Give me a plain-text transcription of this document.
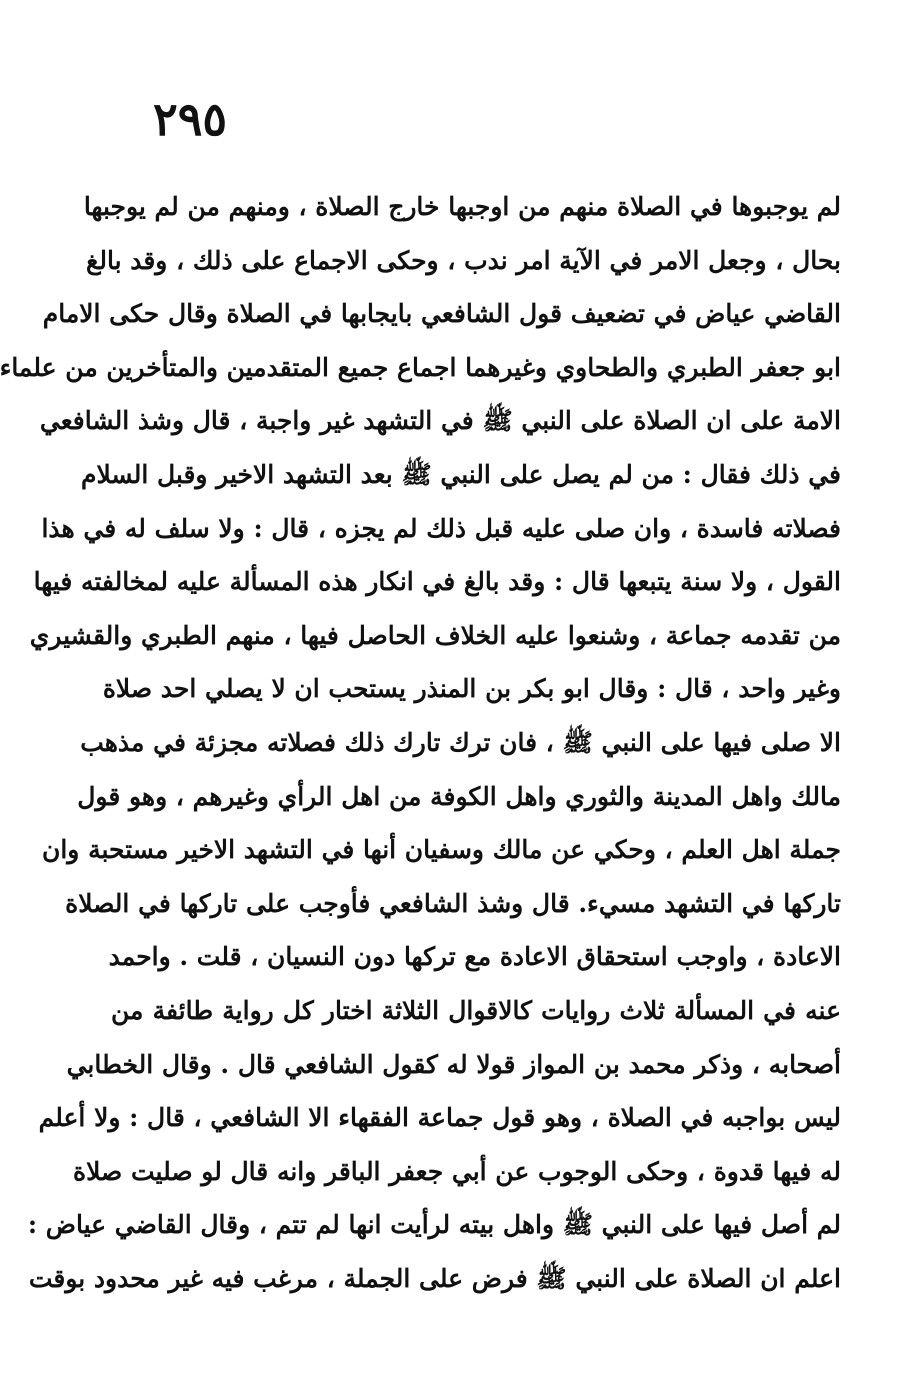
٢٩٥
لم يوجبوها في الصلاة منهم من اوجبها خارج الصلاة ، ومنهم من لم يوجبها
بحال ، وجعل الامر في الآية امر ندب ، وحكى الاجماع على ذلك ، وقد بالغ
القاضي عياض في تضعيف قول الشافعي بايجابها في الصلاة وقال حكى الامام
ابو جعفر الطبري والطحاوي وغيرهما اجماع جميع المتقدمين والمتأخرين من علماء
الامة على ان الصلاة على النبي ﷺ في التشهد غير واجبة ، قال وشذ الشافعي
في ذلك فقال : من لم يصل على النبي ﷺ بعد التشهد الاخير وقبل السلام
فصلاته فاسدة ، وان صلى عليه قبل ذلك لم يجزه ، قال : ولا سلف له في هذا
القول ، ولا سنة يتبعها قال : وقد بالغ في انكار هذه المسألة عليه لمخالفته فيها
من تقدمه جماعة ، وشنعوا عليه الخلاف الحاصل فيها ، منهم الطبري والقشيري
وغير واحد ، قال : وقال ابو بكر بن المنذر يستحب ان لا يصلي احد صلاة
الا صلى فيها على النبي ﷺ ، فان ترك تارك ذلك فصلاته مجزئة في مذهب
مالك واهل المدينة والثوري واهل الكوفة من اهل الرأي وغيرهم ، وهو قول
جملة اهل العلم ، وحكي عن مالك وسفيان أنها في التشهد الاخير مستحبة وان
تاركها في التشهد مسيء. قال وشذ الشافعي فأوجب على تاركها في الصلاة
الاعادة ، واوجب استحقاق الاعادة مع تركها دون النسيان ، قلت . واحمد
عنه في المسألة ثلاث روايات كالاقوال الثلاثة اختار كل رواية طائفة من
أصحابه ، وذكر محمد بن المواز قولا له كقول الشافعي قال . وقال الخطابي
ليس بواجبه في الصلاة ، وهو قول جماعة الفقهاء الا الشافعي ، قال : ولا أعلم
له فيها قدوة ، وحكى الوجوب عن أبي جعفر الباقر وانه قال لو صليت صلاة
لم أصل فيها على النبي ﷺ واهل بيته لرأيت انها لم تتم ، وقال القاضي عياض :
اعلم ان الصلاة على النبي ﷺ فرض على الجملة ، مرغب فيه غير محدود بوقت
